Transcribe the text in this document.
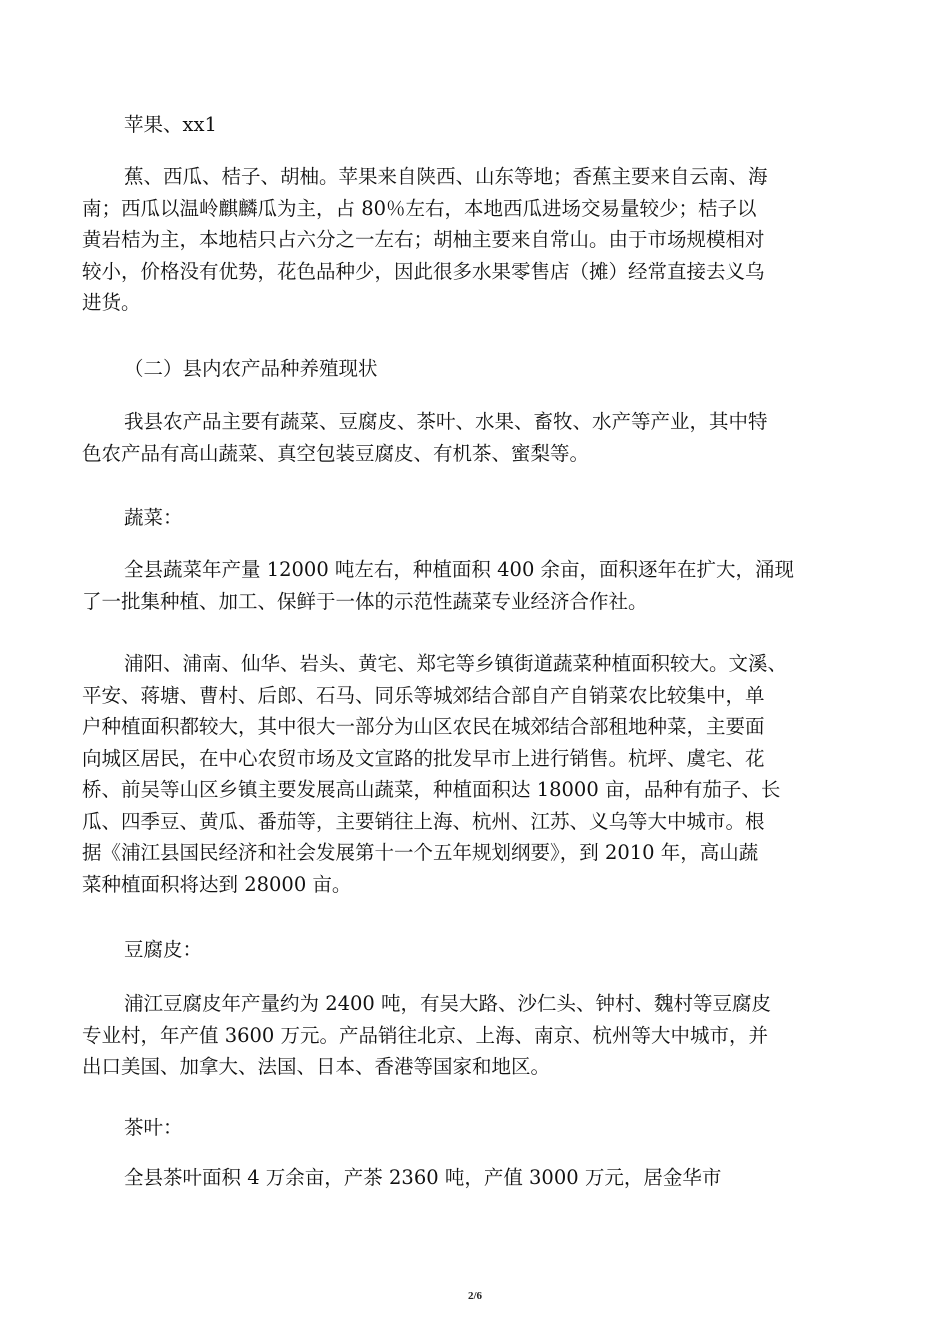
苹果、xx1
蕉、西瓜、桔子、胡柚。苹果来自陕西、山东等地；香蕉主要来自云南、海
南；西瓜以温岭麒麟瓜为主，占 80％左右，本地西瓜进场交易量较少；桔子以
黄岩桔为主，本地桔只占六分之一左右；胡柚主要来自常山。由于市场规模相对
较小，价格没有优势，花色品种少，因此很多水果零售店（摊）经常直接去义乌
进货。
（二）县内农产品种养殖现状
我县农产品主要有蔬菜、豆腐皮、茶叶、水果、畜牧、水产等产业，其中特
色农产品有高山蔬菜、真空包装豆腐皮、有机茶、蜜梨等。
蔬菜：
全县蔬菜年产量 12000 吨左右，种植面积 400 余亩，面积逐年在扩大，涌现
了一批集种植、加工、保鲜于一体的示范性蔬菜专业经济合作社。
浦阳、浦南、仙华、岩头、黄宅、郑宅等乡镇街道蔬菜种植面积较大。文溪、
平安、蒋塘、曹村、后郎、石马、同乐等城郊结合部自产自销菜农比较集中，单
户种植面积都较大，其中很大一部分为山区农民在城郊结合部租地种菜，主要面
向城区居民，在中心农贸市场及文宣路的批发早市上进行销售。杭坪、虞宅、花
桥、前吴等山区乡镇主要发展高山蔬菜，种植面积达 18000 亩，品种有茄子、长
瓜、四季豆、黄瓜、番茄等，主要销往上海、杭州、江苏、义乌等大中城市。根
据《浦江县国民经济和社会发展第十一个五年规划纲要》，到 2010 年，高山蔬
菜种植面积将达到 28000 亩。
豆腐皮：
浦江豆腐皮年产量约为 2400 吨，有吴大路、沙仁头、钟村、魏村等豆腐皮
专业村，年产值 3600 万元。产品销往北京、上海、南京、杭州等大中城市，并
出口美国、加拿大、法国、日本、香港等国家和地区。
茶叶：
全县茶叶面积 4 万余亩，产茶 2360 吨，产值 3000 万元，居金华市
2/6
